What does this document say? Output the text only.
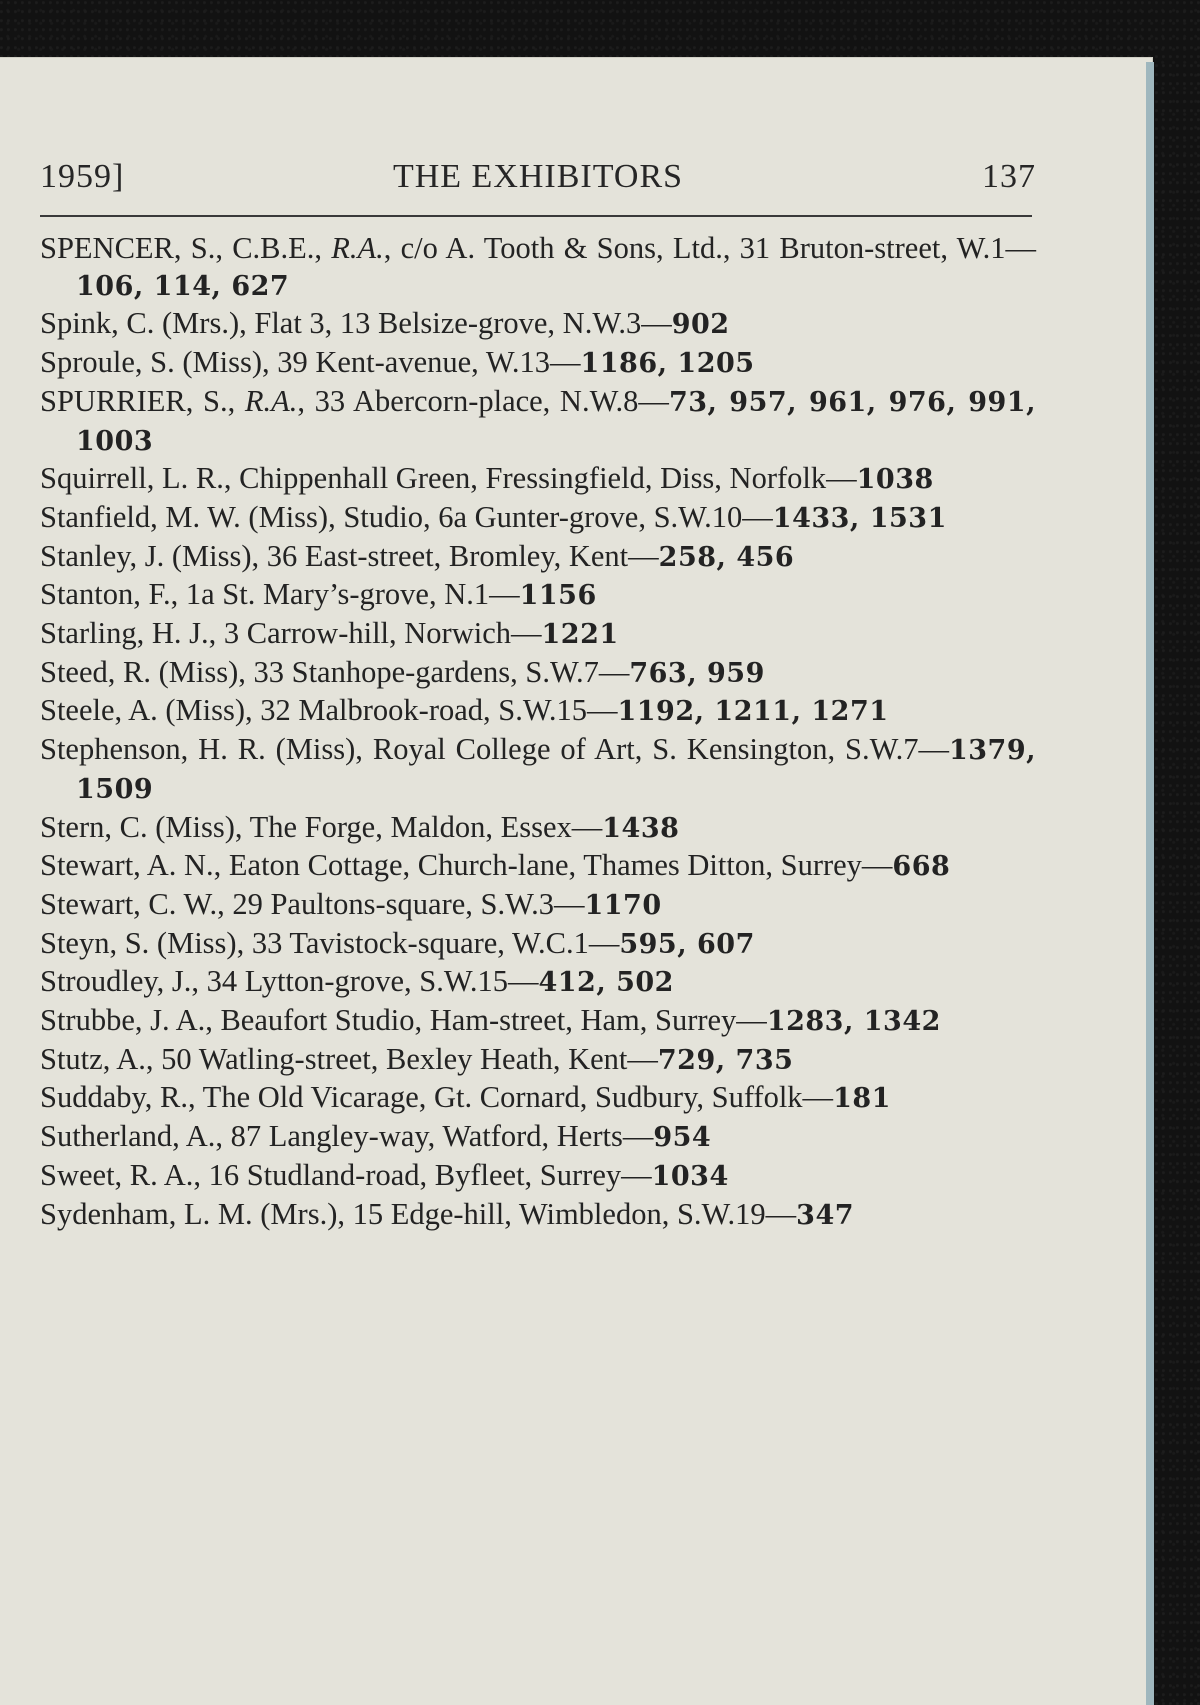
1959]	THE EXHIBITORS	137
SPENCER, S., C.B.E., R.A., c/o A. Tooth & Sons, Ltd., 31 Bruton-street, W.1—106, 114, 627
Spink, C. (Mrs.), Flat 3, 13 Belsize-grove, N.W.3—902
Sproule, S. (Miss), 39 Kent-avenue, W.13—1186, 1205
SPURRIER, S., R.A., 33 Abercorn-place, N.W.8—73, 957, 961, 976, 991, 1003
Squirrell, L. R., Chippenhall Green, Fressingfield, Diss, Norfolk—1038
Stanfield, M. W. (Miss), Studio, 6a Gunter-grove, S.W.10—1433, 1531
Stanley, J. (Miss), 36 East-street, Bromley, Kent—258, 456
Stanton, F., 1a St. Mary’s-grove, N.1—1156
Starling, H. J., 3 Carrow-hill, Norwich—1221
Steed, R. (Miss), 33 Stanhope-gardens, S.W.7—763, 959
Steele, A. (Miss), 32 Malbrook-road, S.W.15—1192, 1211, 1271
Stephenson, H. R. (Miss), Royal College of Art, S. Kensington, S.W.7—1379, 1509
Stern, C. (Miss), The Forge, Maldon, Essex—1438
Stewart, A. N., Eaton Cottage, Church-lane, Thames Ditton, Surrey—668
Stewart, C. W., 29 Paultons-square, S.W.3—1170
Steyn, S. (Miss), 33 Tavistock-square, W.C.1—595, 607
Stroudley, J., 34 Lytton-grove, S.W.15—412, 502
Strubbe, J. A., Beaufort Studio, Ham-street, Ham, Surrey—1283, 1342
Stutz, A., 50 Watling-street, Bexley Heath, Kent—729, 735
Suddaby, R., The Old Vicarage, Gt. Cornard, Sudbury, Suffolk—181
Sutherland, A., 87 Langley-way, Watford, Herts—954
Sweet, R. A., 16 Studland-road, Byfleet, Surrey—1034
Sydenham, L. M. (Mrs.), 15 Edge-hill, Wimbledon, S.W.19—347
